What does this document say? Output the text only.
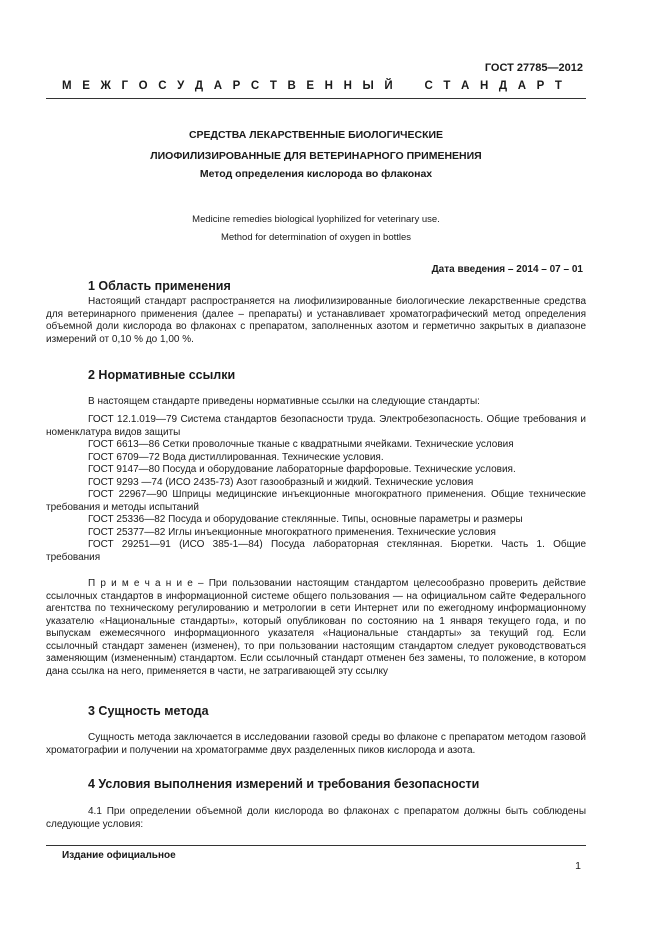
ГОСТ 27785—2012
М Е Ж Г О С У Д А Р С Т В Е Н Н Ы Й	С Т А Н Д А Р Т
СРЕДСТВА ЛЕКАРСТВЕННЫЕ БИОЛОГИЧЕСКИЕ
ЛИОФИЛИЗИРОВАННЫЕ ДЛЯ ВЕТЕРИНАРНОГО ПРИМЕНЕНИЯ
Метод определения кислорода во флаконах
Medicine remedies biological lyophilized for veterinary use.
Method for determination of oxygen in bottles
Дата введения – 2014 – 07 – 01
1 Область применения

Настоящий стандарт распространяется на лиофилизированные биологические лекарственные средства для ветеринарного применения (далее – препараты) и устанавливает хроматографический метод определения объемной доли кислорода во флаконах с препаратом, заполненных азотом и герметично закрытых в диапазоне измерений от 0,10 % до 1,00 %.

2 Нормативные ссылки

В настоящем стандарте приведены нормативные ссылки на следующие стандарты:

ГОСТ 12.1.019—79 Система стандартов безопасности труда. Электробезопасность. Общие требования и номенклатура видов защиты

ГОСТ 6613—86 Сетки проволочные тканые с квадратными ячейками. Технические условия

ГОСТ 6709—72 Вода дистиллированная. Технические условия.

ГОСТ 9147—80 Посуда и оборудование лабораторные фарфоровые. Технические условия.

ГОСТ 9293 —74 (ИСО 2435-73) Азот газообразный и жидкий. Технические условия

ГОСТ 22967—90 Шприцы медицинские инъекционные многократного применения. Общие технические требования и методы испытаний

ГОСТ 25336—82 Посуда и оборудование стеклянные. Типы, основные параметры и размеры

ГОСТ 25377—82 Иглы инъекционные многократного применения. Технические условия

ГОСТ 29251—91 (ИСО 385-1—84) Посуда лабораторная стеклянная. Бюретки. Часть 1. Общие требования

П р и м е ч а н и е – При пользовании настоящим стандартом целесообразно проверить действие ссылочных стандартов в информационной системе общего пользования — на официальном сайте Федерального агентства по техническому регулированию и метрологии в сети Интернет или по ежегодному информационному указателю «Национальные стандарты», который опубликован по состоянию на 1 января текущего года, и по выпускам ежемесячного информационного указателя «Национальные стандарты» за текущий год. Если ссылочный стандарт заменен (изменен), то при пользовании настоящим стандартом следует руководствоваться заменяющим (измененным) стандартом. Если ссылочный стандарт отменен без замены, то положение, в котором дана ссылка на него, применяется в части, не затрагивающей эту ссылку

3 Сущность метода

Сущность метода заключается в исследовании газовой среды во флаконе с препаратом методом газовой хроматографии и получении на хроматограмме двух разделенных пиков кислорода и азота.

4 Условия выполнения измерений и требования безопасности

4.1 При определении объемной доли кислорода во флаконах с препаратом должны быть соблюдены следующие условия:

Издание официальное
1
